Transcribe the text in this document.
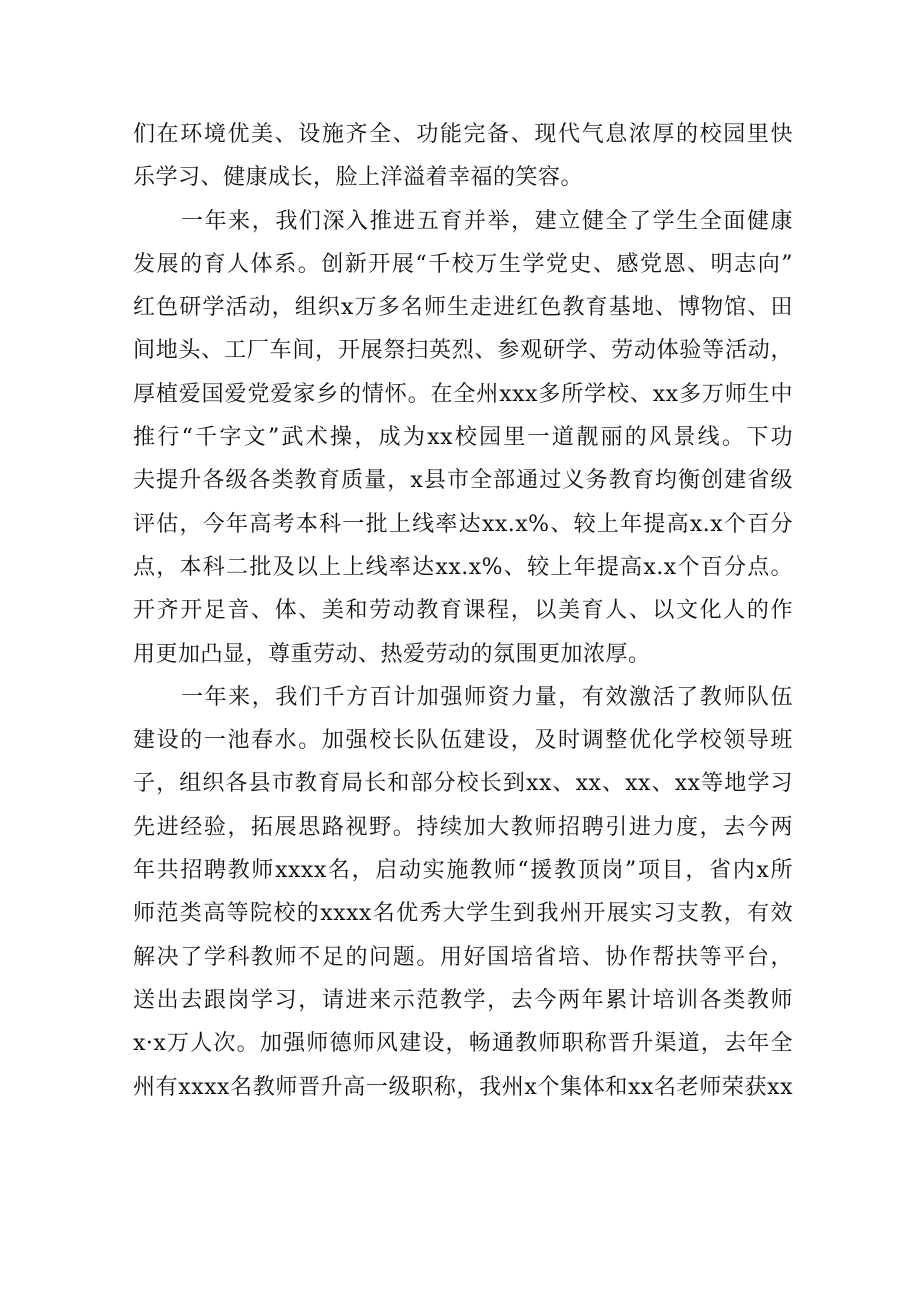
们在环境优美、设施齐全、功能完备、现代气息浓厚的校园里快
乐学习、健康成长，脸上洋溢着幸福的笑容。
一年来，我们深入推进五育并举，建立健全了学生全面健康
发展的育人体系。创新开展“千校万生学党史、感党恩、明志向”
红色研学活动，组织x万多名师生走进红色教育基地、博物馆、田
间地头、工厂车间，开展祭扫英烈、参观研学、劳动体验等活动，
厚植爱国爱党爱家乡的情怀。在全州xxx多所学校、xx多万师生中
推行“千字文”武术操，成为xx校园里一道靓丽的风景线。下功
夫提升各级各类教育质量，x县市全部通过义务教育均衡创建省级
评估，今年高考本科一批上线率达xx.x%、较上年提高x.x个百分
点，本科二批及以上上线率达xx.x%、较上年提高x.x个百分点。
开齐开足音、体、美和劳动教育课程，以美育人、以文化人的作
用更加凸显，尊重劳动、热爱劳动的氛围更加浓厚。
一年来，我们千方百计加强师资力量，有效激活了教师队伍
建设的一池春水。加强校长队伍建设，及时调整优化学校领导班
子，组织各县市教育局长和部分校长到xx、xx、xx、xx等地学习
先进经验，拓展思路视野。持续加大教师招聘引进力度，去今两
年共招聘教师xxxx名，启动实施教师“援教顶岗”项目，省内x所
师范类高等院校的xxxx名优秀大学生到我州开展实习支教，有效
解决了学科教师不足的问题。用好国培省培、协作帮扶等平台，
送出去跟岗学习，请进来示范教学，去今两年累计培训各类教师
x·x万人次。加强师德师风建设，畅通教师职称晋升渠道，去年全
州有xxxx名教师晋升高一级职称，我州x个集体和xx名老师荣获xx
